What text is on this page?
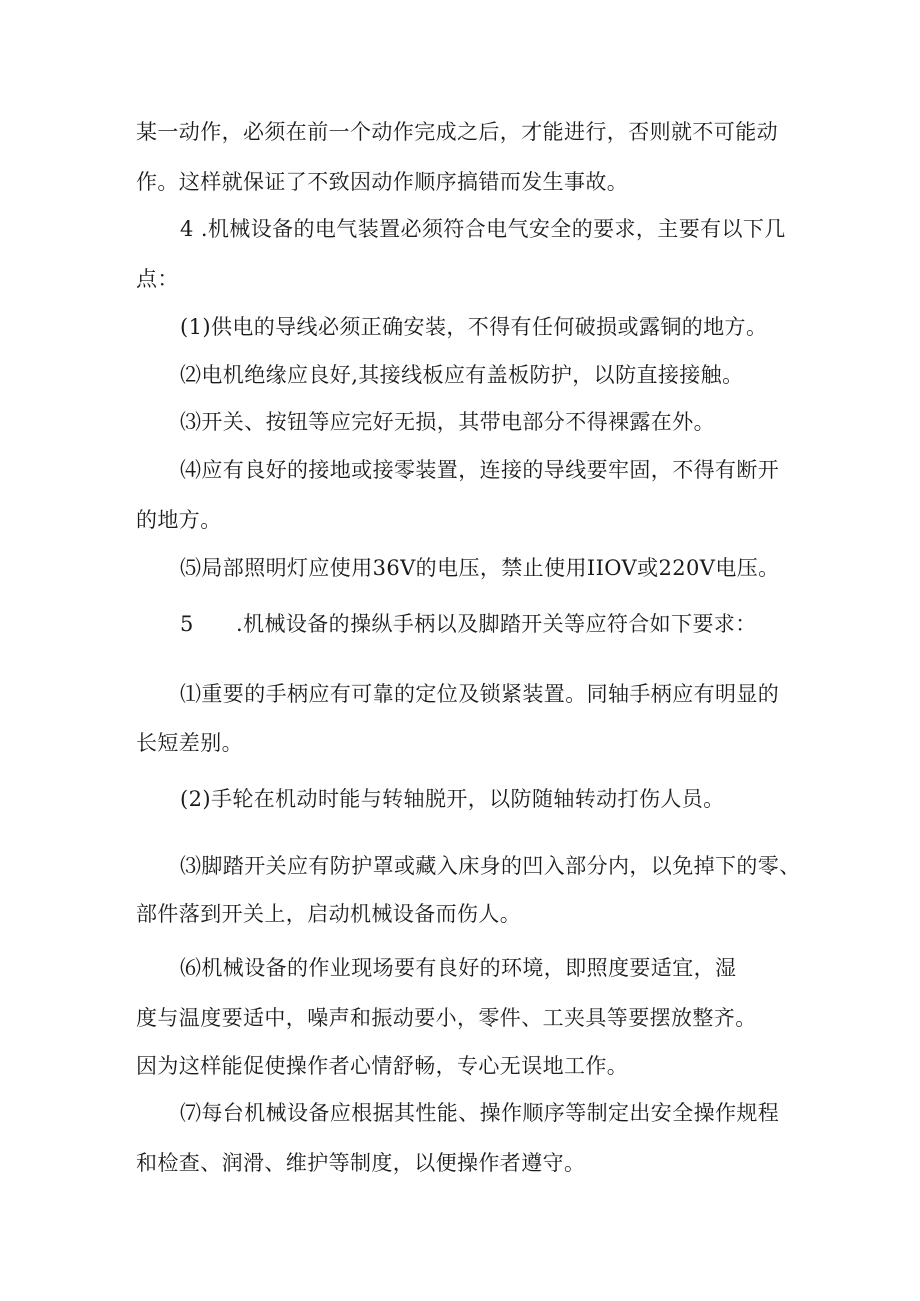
某一动作，必须在前一个动作完成之后，才能进行，否则就不可能动
作。这样就保证了不致因动作顺序搞错而发生事故。
4 .机械设备的电气装置必须符合电气安全的要求，主要有以下几
点：
(1)供电的导线必须正确安装，不得有任何破损或露铜的地方。
⑵电机绝缘应良好,其接线板应有盖板防护，以防直接接触。
⑶开关、按钮等应完好无损，其带电部分不得裸露在外。
⑷应有良好的接地或接零装置，连接的导线要牢固，不得有断开
的地方。
⑸局部照明灯应使用36V的电压，禁止使用IIOV或220V电压。
5 .机械设备的操纵手柄以及脚踏开关等应符合如下要求：
⑴重要的手柄应有可靠的定位及锁紧装置。同轴手柄应有明显的
长短差别。
(2)手轮在机动时能与转轴脱开，以防随轴转动打伤人员。
⑶脚踏开关应有防护罩或藏入床身的凹入部分内，以免掉下的零、
部件落到开关上，启动机械设备而伤人。
⑹机械设备的作业现场要有良好的环境，即照度要适宜，湿
度与温度要适中，噪声和振动要小，零件、工夹具等要摆放整齐。
因为这样能促使操作者心情舒畅，专心无误地工作。
⑺每台机械设备应根据其性能、操作顺序等制定出安全操作规程
和检查、润滑、维护等制度，以便操作者遵守。
